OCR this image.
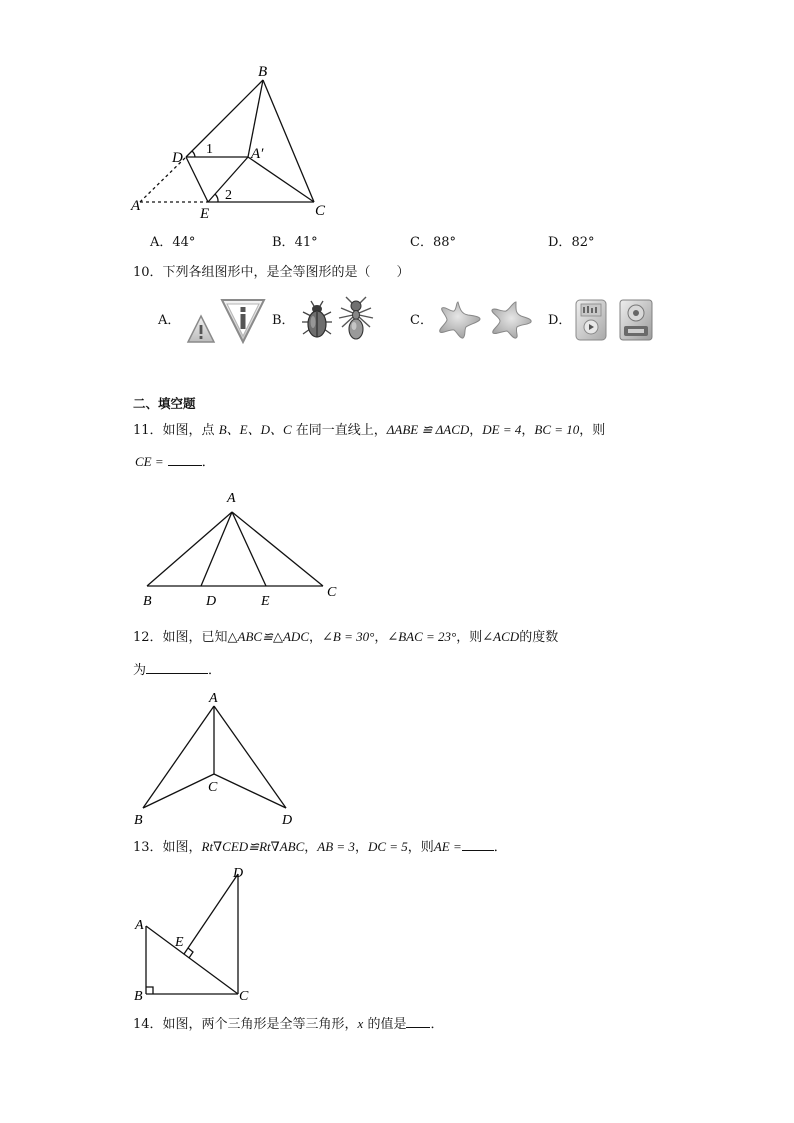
B
D
1	A′
2
A	E	C
A．44°	B．41°	C．88°	D．82°
10．下列各组图形中，是全等图形的是（　　）
A．	B．	C．	D．
二、填空题
11．如图，点 B、E、D、C 在同一直线上，ΔABE ≌ ΔACD，DE = 4，BC = 10，则
CE =	．
A
B	D	E
C
12．如图，已知△ABC≌△ADC，∠B = 30°，∠BAC = 23°，则∠ACD的度数
为	．
A
B
C
D
13．如图，Rt∇CED≌Rt∇ABC，AB = 3，DC = 5，则AE = ．
D
A
E
B	C
14．如图，两个三角形是全等三角形，x 的值是 ．
